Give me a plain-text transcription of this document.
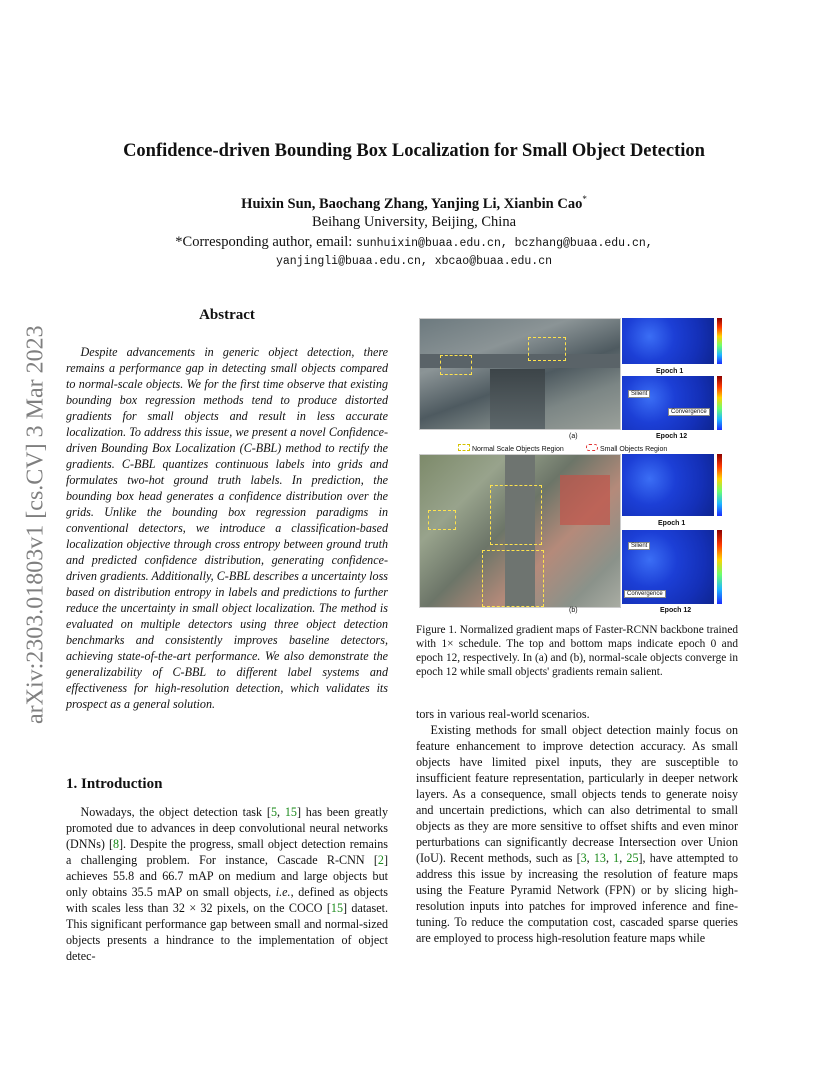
arXiv:2303.01803v1 [cs.CV] 3 Mar 2023
Confidence-driven Bounding Box Localization for Small Object Detection
Huixin Sun, Baochang Zhang, Yanjing Li, Xianbin Cao*
Beihang University, Beijing, China
*Corresponding author, email: sunhuixin@buaa.edu.cn, bczhang@buaa.edu.cn,
yanjingli@buaa.edu.cn, xbcao@buaa.edu.cn
Abstract
Despite advancements in generic object detection, there remains a performance gap in detecting small objects compared to normal-scale objects. We for the first time observe that existing bounding box regression methods tend to produce distorted gradients for small objects and result in less accurate localization. To address this issue, we present a novel Confidence-driven Bounding Box Localization (C-BBL) method to rectify the gradients. C-BBL quantizes continuous labels into grids and formulates two-hot ground truth labels. In prediction, the bounding box head generates a confidence distribution over the grids. Unlike the bounding box regression paradigms in conventional detectors, we introduce a classification-based localization objective through cross entropy between ground truth and predicted confidence distribution, generating confidence-driven gradients. Additionally, C-BBL describes a uncertainty loss based on distribution entropy in labels and predictions to further reduce the uncertainty in small object localization. The method is evaluated on multiple detectors using three object detection benchmarks and consistently improves baseline detectors, achieving state-of-the-art performance. We also demonstrate the generalizability of C-BBL to different label systems and effectiveness for high-resolution detection, which validates its prospect as a general solution.
1. Introduction
Nowadays, the object detection task [5, 15] has been greatly promoted due to advances in deep convolutional neural networks (DNNs) [8]. Despite the progress, small object detection remains a challenging problem. For instance, Cascade R-CNN [2] achieves 55.8 and 66.7 mAP on medium and large objects but only obtains 35.5 mAP on small objects, i.e., defined as objects with scales less than 32 × 32 pixels, on the COCO [15] dataset. This significant performance gap between small and normal-sized objects presents a hindrance to the implementation of object detec-
(a)
Epoch 1
Silient
Convergence
Epoch 12
Normal Scale Objects Region	Small Objects Region
(b)
Epoch 1
Silient
Convergence
Epoch 12
Figure 1. Normalized gradient maps of Faster-RCNN backbone trained with 1× schedule. The top and bottom maps indicate epoch 0 and epoch 12, respectively. In (a) and (b), normal-scale objects converge in epoch 12 while small objects' gradients remain salient.

tors in various real-world scenarios.

Existing methods for small object detection mainly focus on feature enhancement to improve detection accuracy. As small objects have limited pixel inputs, they are susceptible to insufficient feature representation, particularly in deeper network layers. As a consequence, small objects tends to generate noisy and uncertain predictions, which can also detrimental to small objects as they are more sensitive to offset shifts and even minor perturbations can significantly decrease Intersection over Union (IoU). Recent methods, such as [3, 13, 1, 25], have attempted to address this issue by increasing the resolution of feature maps using the Feature Pyramid Network (FPN) or by slicing high-resolution inputs into patches for improved inference and fine-tuning. To reduce the computation cost, cascaded sparse queries are employed to process high-resolution feature maps while
